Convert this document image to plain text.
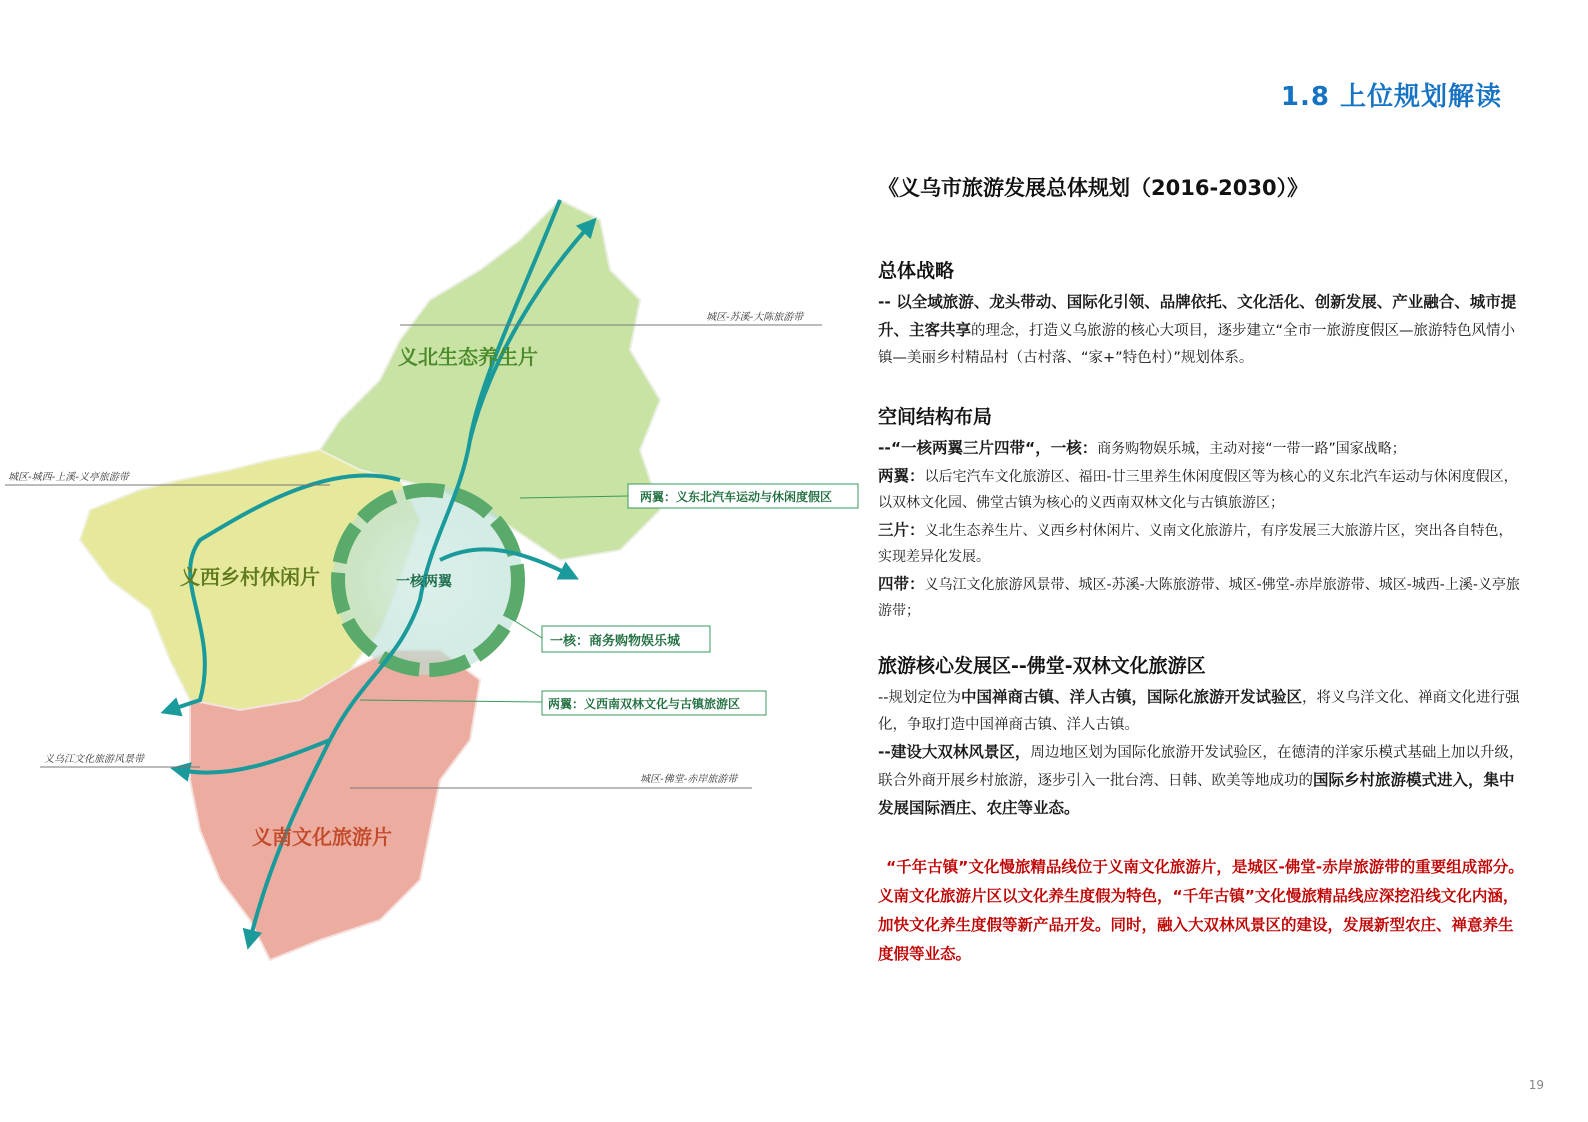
1.8 上位规划解读
义北生态养生片
义西乡村休闲片
义南文化旅游片
一核两翼
城区-苏溪-大陈旅游带
城区-城西-上溪-义亭旅游带
义乌江文化旅游风景带
城区-佛堂-赤岸旅游带
两翼：义东北汽车运动与休闲度假区
一核：商务购物娱乐城
两翼：义西南双林文化与古镇旅游区
《义乌市旅游发展总体规划（2016-2030）》
总体战略

-- 以全域旅游、龙头带动、国际化引领、品牌依托、文化活化、创新发展、产业融合、城市提升、主客共享的理念，打造义乌旅游的核心大项目，逐步建立“全市一旅游度假区—旅游特色风情小镇—美丽乡村精品村（古村落、“家+”特色村）”规划体系。

空间结构布局

--“一核两翼三片四带“，一核：商务购物娱乐城，主动对接“一带一路”国家战略；

两翼：以后宅汽车文化旅游区、福田-廿三里养生休闲度假区等为核心的义东北汽车运动与休闲度假区，以双林文化园、佛堂古镇为核心的义西南双林文化与古镇旅游区；

三片：义北生态养生片、义西乡村休闲片、义南文化旅游片，有序发展三大旅游片区，突出各自特色，实现差异化发展。

四带：义乌江文化旅游风景带、城区-苏溪-大陈旅游带、城区-佛堂-赤岸旅游带、城区-城西-上溪-义亭旅游带；

旅游核心发展区--佛堂-双林文化旅游区

--规划定位为中国禅商古镇、洋人古镇，国际化旅游开发试验区，将义乌洋文化、禅商文化进行强化，争取打造中国禅商古镇、洋人古镇。

--建设大双林风景区，周边地区划为国际化旅游开发试验区，在德清的洋家乐模式基础上加以升级，联合外商开展乡村旅游，逐步引入一批台湾、日韩、欧美等地成功的国际乡村旅游模式进入，集中发展国际酒庄、农庄等业态。

“千年古镇”文化慢旅精品线位于义南文化旅游片，是城区-佛堂-赤岸旅游带的重要组成部分。义南文化旅游片区以文化养生度假为特色，“千年古镇”文化慢旅精品线应深挖沿线文化内涵，加快文化养生度假等新产品开发。同时，融入大双林风景区的建设，发展新型农庄、禅意养生度假等业态。

19
